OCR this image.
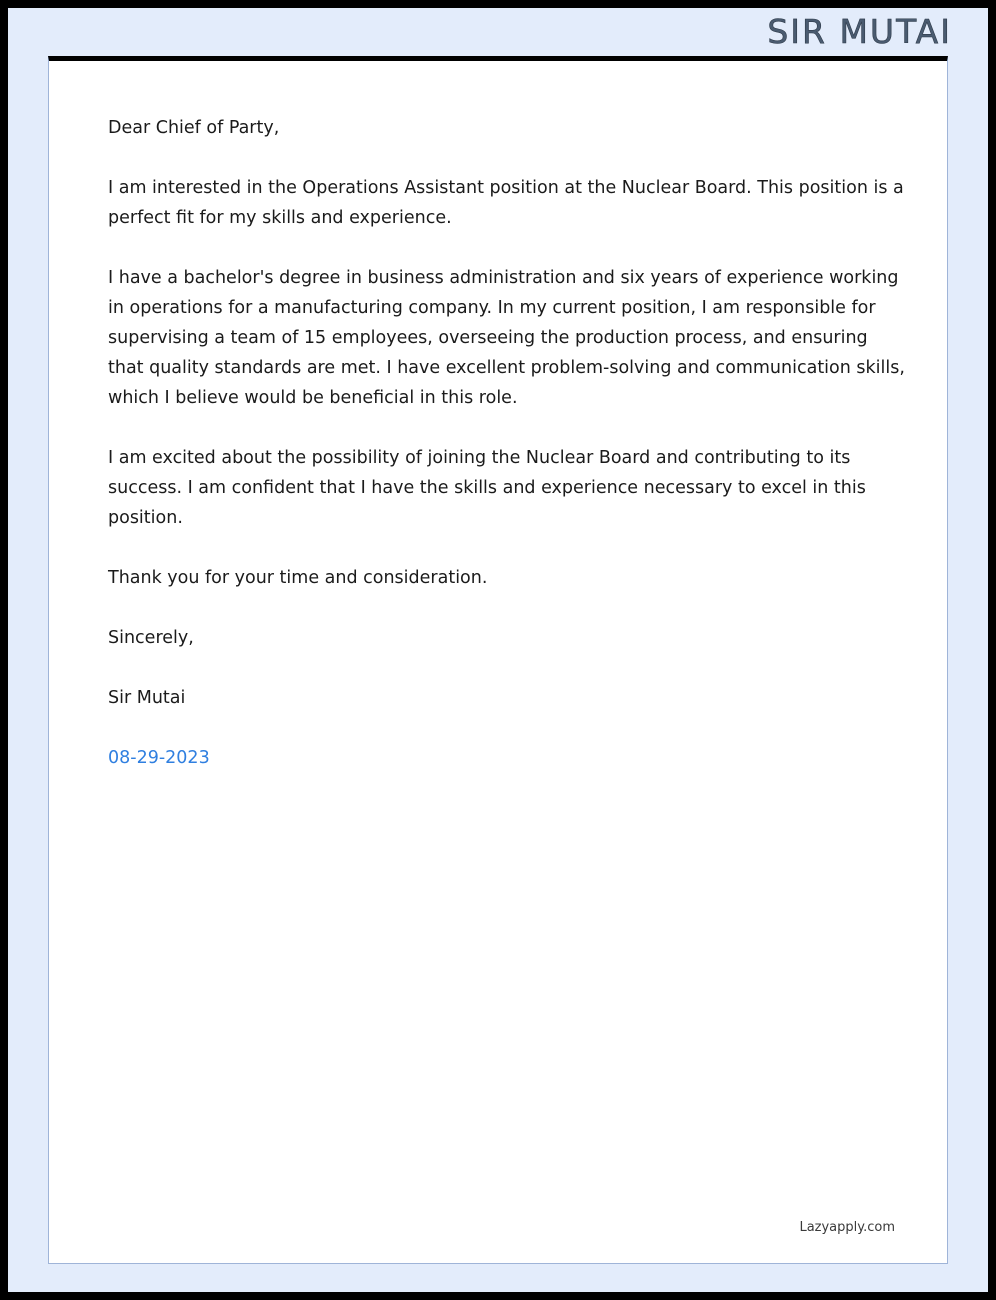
SIR MUTAI

Dear Chief of Party,

I am interested in the Operations Assistant position at the Nuclear Board. This position is a perfect fit for my skills and experience.

I have a bachelor's degree in business administration and six years of experience working in operations for a manufacturing company. In my current position, I am responsible for supervising a team of 15 employees, overseeing the production process, and ensuring that quality standards are met. I have excellent problem-solving and communication skills, which I believe would be beneficial in this role.

I am excited about the possibility of joining the Nuclear Board and contributing to its success. I am confident that I have the skills and experience necessary to excel in this position.

Thank you for your time and consideration.

Sincerely,

Sir Mutai

08-29-2023

Lazyapply.com
